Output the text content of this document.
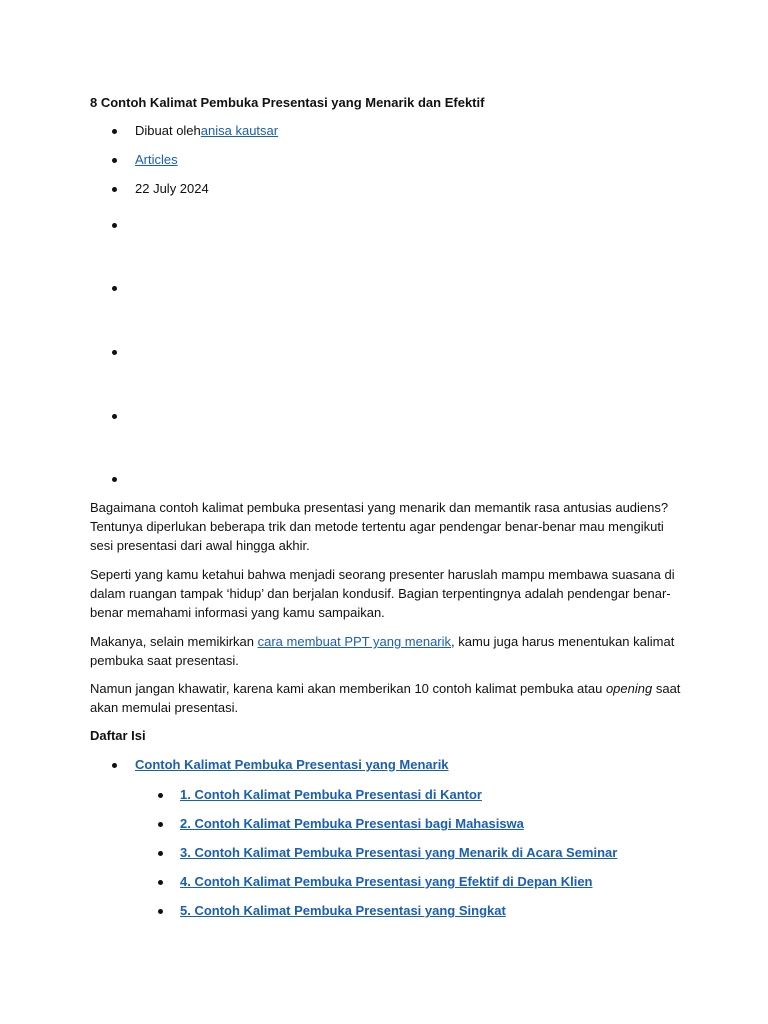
8 Contoh Kalimat Pembuka Presentasi yang Menarik dan Efektif
Dibuat olehanisa kautsar
Articles
22 July 2024
Bagaimana contoh kalimat pembuka presentasi yang menarik dan memantik rasa antusias audiens?
Tentunya diperlukan beberapa trik dan metode tertentu agar pendengar benar-benar mau mengikuti
sesi presentasi dari awal hingga akhir.
Seperti yang kamu ketahui bahwa menjadi seorang presenter haruslah mampu membawa suasana di
dalam ruangan tampak ‘hidup’ dan berjalan kondusif. Bagian terpentingnya adalah pendengar benar-
benar memahami informasi yang kamu sampaikan.
Makanya, selain memikirkan cara membuat PPT yang menarik, kamu juga harus menentukan kalimat
pembuka saat presentasi.
Namun jangan khawatir, karena kami akan memberikan 10 contoh kalimat pembuka atau opening saat
akan memulai presentasi.
Daftar Isi
Contoh Kalimat Pembuka Presentasi yang Menarik
1. Contoh Kalimat Pembuka Presentasi di Kantor
2. Contoh Kalimat Pembuka Presentasi bagi Mahasiswa
3. Contoh Kalimat Pembuka Presentasi yang Menarik di Acara Seminar
4. Contoh Kalimat Pembuka Presentasi yang Efektif di Depan Klien
5. Contoh Kalimat Pembuka Presentasi yang Singkat
